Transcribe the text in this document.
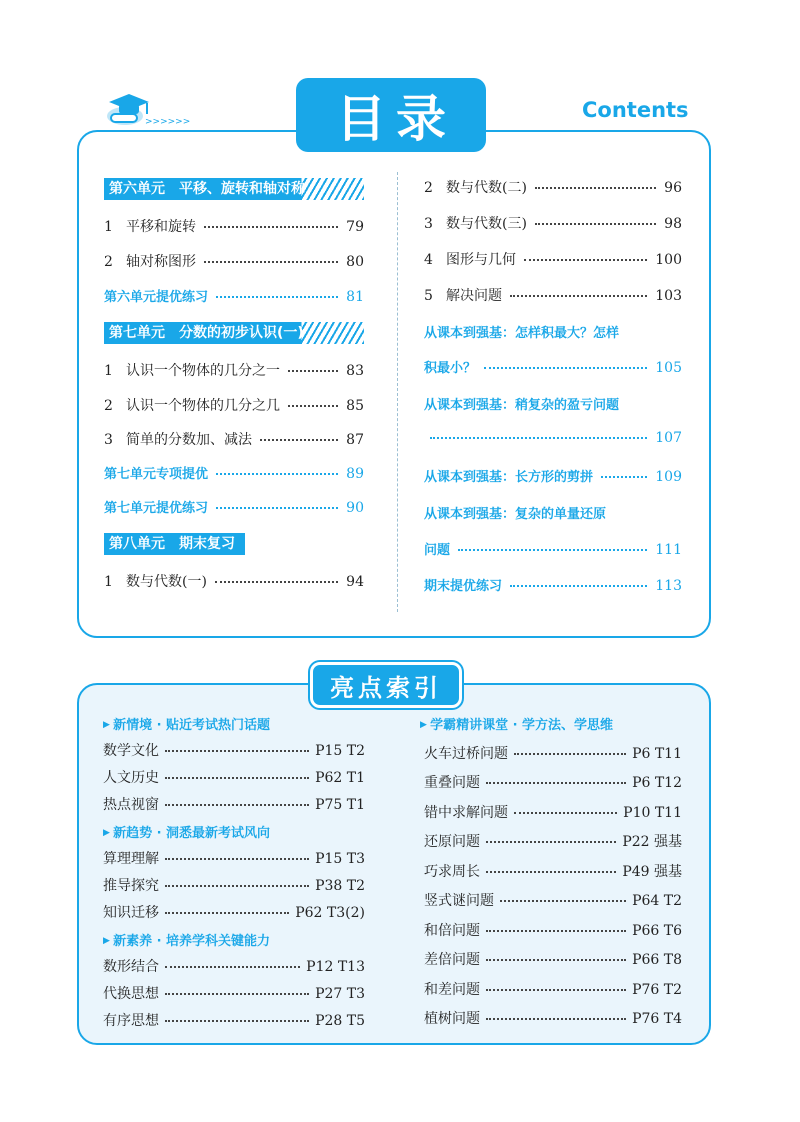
>>>>>>	目录	Contents
第六单元　平移、旋转和轴对称
1 平移和旋转	79
2 轴对称图形	80
第六单元提优练习	81
第七单元　分数的初步认识(一)
1 认识一个物体的几分之一	83
2 认识一个物体的几分之几	85
3 简单的分数加、减法	87
第七单元专项提优	89
第七单元提优练习	90
第八单元　期末复习
1 数与代数(一)	94
2 数与代数(二)	96
3 数与代数(三)	98
4 图形与几何	100
5 解决问题	103
从课本到强基：怎样积最大？怎样
积最小？	105
从课本到强基：稍复杂的盈亏问题
107
从课本到强基：长方形的剪拼	109
从课本到强基：复杂的单量还原
问题	111
期末提优练习	113
亮点索引
▶ 新情境 · 贴近考试热门话题
数学文化	P15 T2
人文历史	P62 T1
热点视窗	P75 T1
▶ 新趋势 · 洞悉最新考试风向
算理理解	P15 T3
推导探究	P38 T2
知识迁移	P62 T3(2)
▶ 新素养 · 培养学科关键能力
数形结合	P12 T13
代换思想	P27 T3
有序思想	P28 T5
▶ 学霸精讲课堂 · 学方法、学思维
火车过桥问题	P6 T11
重叠问题	P6 T12
错中求解问题	P10 T11
还原问题	P22 强基
巧求周长	P49 强基
竖式谜问题	P64 T2
和倍问题	P66 T6
差倍问题	P66 T8
和差问题	P76 T2
植树问题	P76 T4
